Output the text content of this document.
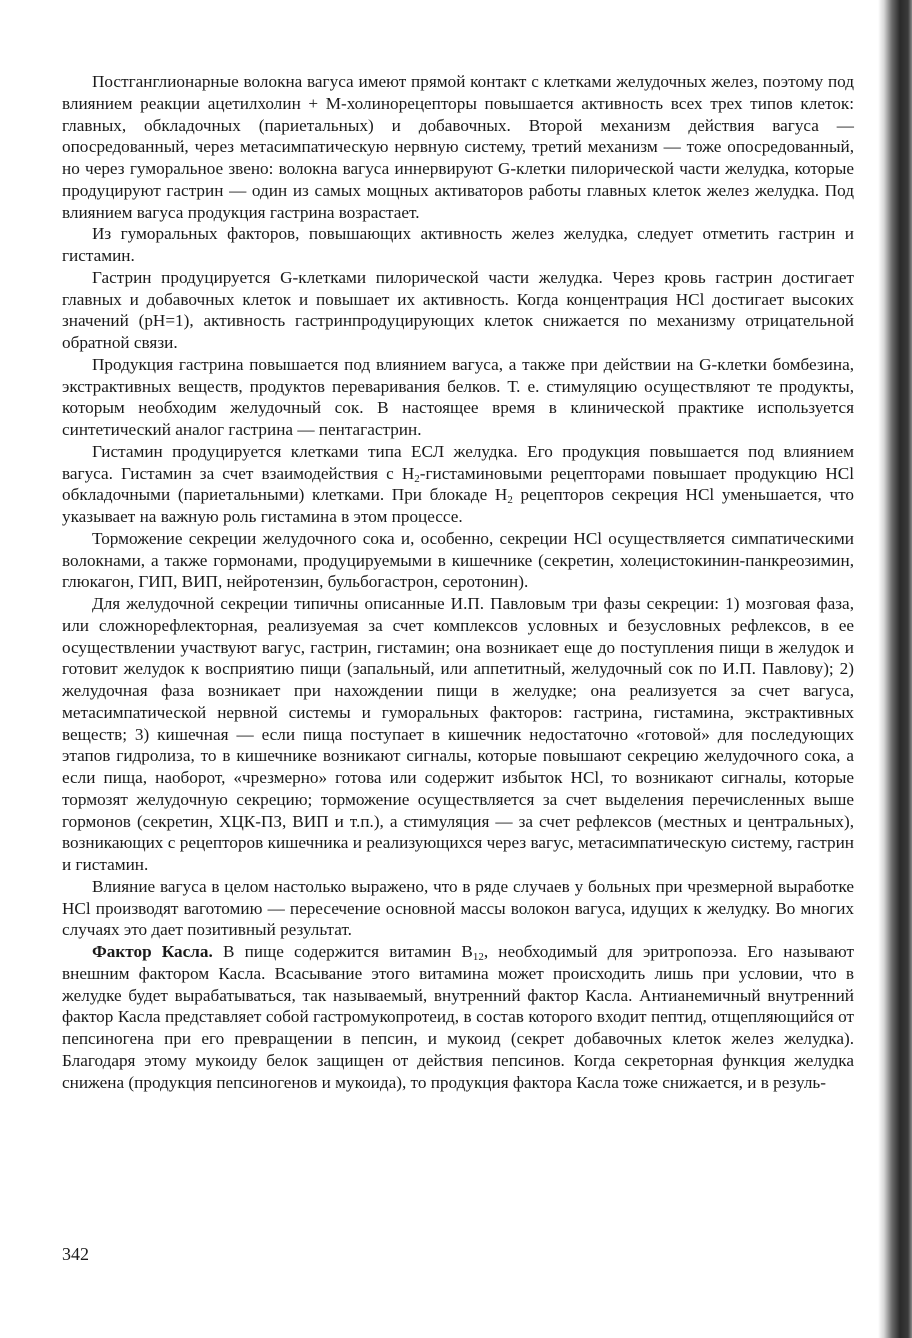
Постганглионарные волокна вагуса имеют прямой контакт с клетками желудочных желез, поэтому под влиянием реакции ацетилхолин + М-холинорецепторы повышается активность всех трех типов клеток: главных, обкладочных (париетальных) и добавочных. Второй механизм действия вагуса — опосредованный, через метасимпатическую нервную систему, третий механизм — тоже опосредованный, но через гуморальное звено: волокна вагуса иннервируют G-клетки пилорической части желудка, которые продуцируют гастрин — один из самых мощных активаторов работы главных клеток желез желудка. Под влиянием вагуса продукция гастрина возрастает.

Из гуморальных факторов, повышающих активность желез желудка, следует отметить гастрин и гистамин.

Гастрин продуцируется G-клетками пилорической части желудка. Через кровь гастрин достигает главных и добавочных клеток и повышает их активность. Когда концентрация НСl достигает высоких значений (рН=1), активность гастринпродуцирующих клеток снижается по механизму отрицательной обратной связи.

Продукция гастрина повышается под влиянием вагуса, а также при действии на G-клетки бомбезина, экстрактивных веществ, продуктов переваривания белков. Т. е. стимуляцию осуществляют те продукты, которым необходим желудочный сок. В настоящее время в клинической практике используется синтетический аналог гастрина — пентагастрин.

Гистамин продуцируется клетками типа ЕСЛ желудка. Его продукция повышается под влиянием вагуса. Гистамин за счет взаимодействия с $Н_2$-гистаминовыми рецепторами повышает продукцию НСl обкладочными (париетальными) клетками. При блокаде $Н_2$ рецепторов секреция НСl уменьшается, что указывает на важную роль гистамина в этом процессе.

Торможение секреции желудочного сока и, особенно, секреции НСl осуществляется симпатическими волокнами, а также гормонами, продуцируемыми в кишечнике (секретин, холецистокинин-панкреозимин, глюкагон, ГИП, ВИП, нейротензин, бульбогастрон, серотонин).

Для желудочной секреции типичны описанные И.П. Павловым три фазы секреции: 1) мозговая фаза, или сложнорефлекторная, реализуемая за счет комплексов условных и безусловных рефлексов, в ее осуществлении участвуют вагус, гастрин, гистамин; она возникает еще до поступления пищи в желудок и готовит желудок к восприятию пищи (запальный, или аппетитный, желудочный сок по И.П. Павлову); 2) желудочная фаза возникает при нахождении пищи в желудке; она реализуется за счет вагуса, метасимпатической нервной системы и гуморальных факторов: гастрина, гистамина, экстрактивных веществ; 3) кишечная — если пища поступает в кишечник недостаточно «готовой» для последующих этапов гидролиза, то в кишечнике возникают сигналы, которые повышают секрецию желудочного сока, а если пища, наоборот, «чрезмерно» готова или содержит избыток НСl, то возникают сигналы, которые тормозят желудочную секрецию; торможение осуществляется за счет выделения перечисленных выше гормонов (секретин, ХЦК-ПЗ, ВИП и т.п.), а стимуляция — за счет рефлексов (местных и центральных), возникающих с рецепторов кишечника и реализующихся через вагус, метасимпатическую систему, гастрин и гистамин.

Влияние вагуса в целом настолько выражено, что в ряде случаев у больных при чрезмерной выработке НСl производят ваготомию — пересечение основной массы волокон вагуса, идущих к желудку. Во многих случаях это дает позитивный результат.

Фактор Касла. В пище содержится витамин $В_{12}$, необходимый для эритропоэза. Его называют внешним фактором Касла. Всасывание этого витамина может происходить лишь при условии, что в желудке будет вырабатываться, так называемый, внутренний фактор Касла. Антианемичный внутренний фактор Касла представляет собой гастромукопротеид, в состав которого входит пептид, отщепляющийся от пепсиногена при его превращении в пепсин, и мукоид (секрет добавочных клеток желез желудка). Благодаря этому мукоиду белок защищен от действия пепсинов. Когда секреторная функция желудка снижена (продукция пепсиногенов и мукоида), то продукция фактора Касла тоже снижается, и в резуль-

342
